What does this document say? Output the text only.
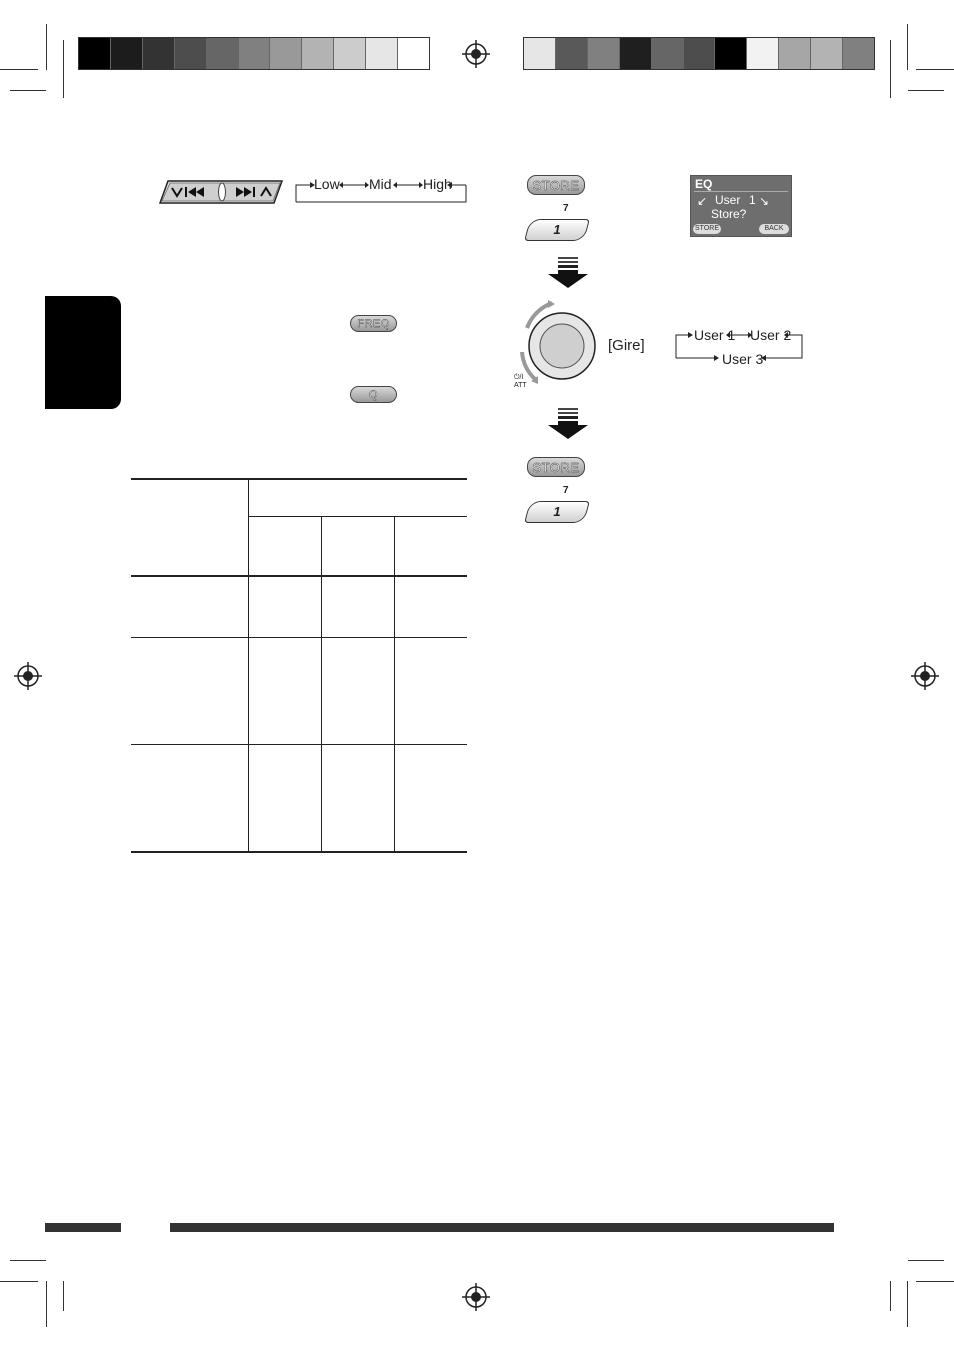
Low Mid High
FREQ
Q
STORE
7
1
STORE
7
1
⏻/I
ATT
[Gire]
EQ
↙ User 1 ↘
Store?
STORE	BACK
User 1 User 2
User 3
